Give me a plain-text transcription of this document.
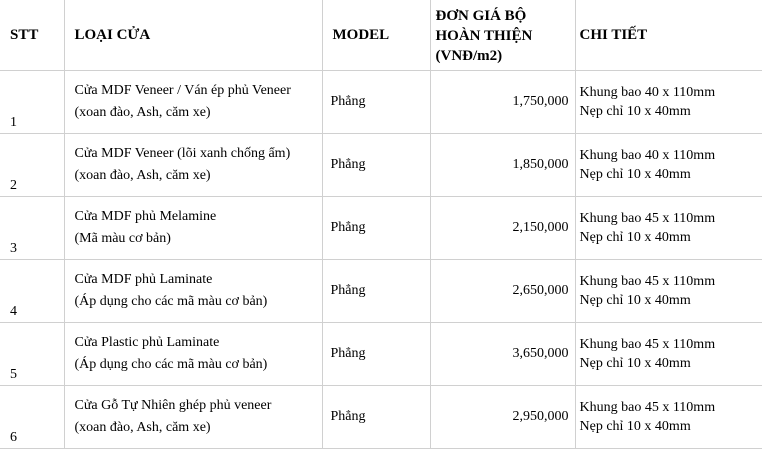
STT	LOẠI CỬA	MODEL	ĐƠN GIÁ BỘ
HOÀN THIỆN
(VNĐ/m2)	CHI TIẾT
1	Cửa MDF Veneer / Ván ép phủ Veneer
(xoan đào, Ash, căm xe)	Phẳng	1,750,000	Khung bao 40 x 110mm
Nẹp chỉ 10 x 40mm

2	Cửa MDF Veneer (lõi xanh chống ẩm)
(xoan đào, Ash, căm xe)	Phẳng	1,850,000	Khung bao 40 x 110mm
Nẹp chỉ 10 x 40mm

3	Cửa MDF phủ Melamine
(Mã màu cơ bản)	Phẳng	2,150,000	Khung bao 45 x 110mm
Nẹp chỉ 10 x 40mm

4	Cửa MDF phủ Laminate
(Áp dụng cho các mã màu cơ bản)	Phẳng	2,650,000	Khung bao 45 x 110mm
Nẹp chỉ 10 x 40mm

5	Cửa Plastic phủ Laminate
(Áp dụng cho các mã màu cơ bản)	Phẳng	3,650,000	Khung bao 45 x 110mm
Nẹp chỉ 10 x 40mm

6	Cửa Gỗ Tự Nhiên ghép phủ veneer
(xoan đào, Ash, căm xe)	Phẳng	2,950,000	Khung bao 45 x 110mm
Nẹp chỉ 10 x 40mm
